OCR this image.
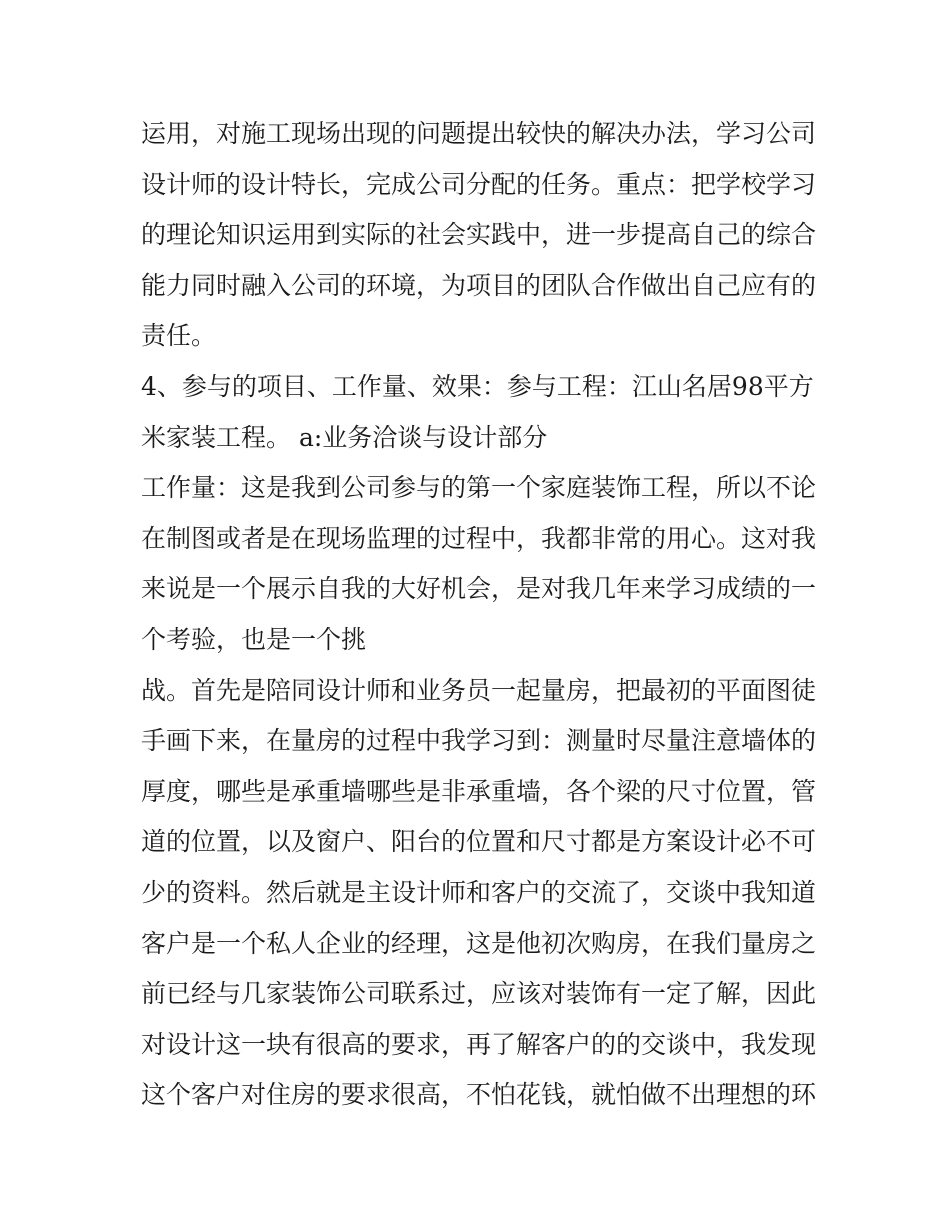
运用，对施工现场出现的问题提出较快的解决办法，学习公司
设计师的设计特长，完成公司分配的任务。重点：把学校学习
的理论知识运用到实际的社会实践中，进一步提高自己的综合
能力同时融入公司的环境，为项目的团队合作做出自己应有的
责任。
4、参与的项目、工作量、效果：参与工程：江山名居98平方
米家装工程。 a:业务洽谈与设计部分
工作量：这是我到公司参与的第一个家庭装饰工程，所以不论
在制图或者是在现场监理的过程中，我都非常的用心。这对我
来说是一个展示自我的大好机会，是对我几年来学习成绩的一
个考验，也是一个挑
战。首先是陪同设计师和业务员一起量房，把最初的平面图徒
手画下来，在量房的过程中我学习到：测量时尽量注意墙体的
厚度，哪些是承重墙哪些是非承重墙，各个梁的尺寸位置，管
道的位置，以及窗户、阳台的位置和尺寸都是方案设计必不可
少的资料。然后就是主设计师和客户的交流了，交谈中我知道
客户是一个私人企业的经理，这是他初次购房，在我们量房之
前已经与几家装饰公司联系过，应该对装饰有一定了解，因此
对设计这一块有很高的要求，再了解客户的的交谈中，我发现
这个客户对住房的要求很高，不怕花钱，就怕做不出理想的环
